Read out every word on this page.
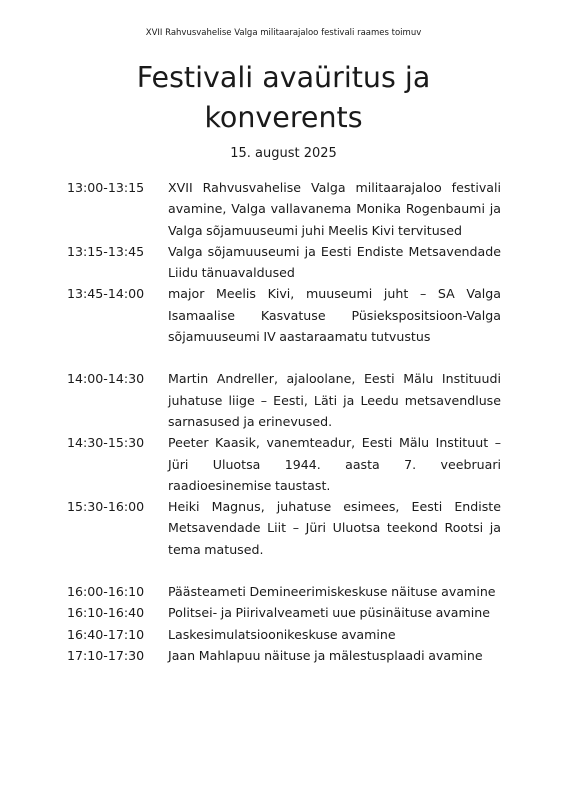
XVII Rahvusvahelise Valga militaarajaloo festivali raames toimuv
Festivali avaüritus ja
konverents
15. august 2025
13:00-13:15	XVII Rahvusvahelise Valga militaarajaloo festivali avamine, Valga vallavanema Monika Rogenbaumi ja Valga sõjamuuseumi juhi Meelis Kivi tervitused
13:15-13:45	Valga sõjamuuseumi ja Eesti Endiste Metsavendade Liidu tänuavaldused
13:45-14:00	major Meelis Kivi, muuseumi juht – SA Valga Isamaalise Kasvatuse Püsiekspositsioon-Valga sõjamuuseumi IV aastaraamatu tutvustus
14:00-14:30	Martin Andreller, ajaloolane, Eesti Mälu Instituudi juhatuse liige – Eesti, Läti ja Leedu metsavendluse sarnasused ja erinevused.
14:30-15:30	Peeter Kaasik, vanemteadur, Eesti Mälu Instituut – Jüri Uluotsa 1944. aasta 7. veebruari raadioesinemise taustast.
15:30-16:00	Heiki Magnus, juhatuse esimees, Eesti Endiste Metsavendade Liit – Jüri Uluotsa teekond Rootsi ja tema matused.
16:00-16:10	Päästeameti Demineerimiskeskuse näituse avamine
16:10-16:40	Politsei- ja Piirivalveameti uue püsinäituse avamine
16:40-17:10	Laskesimulatsioonikeskuse avamine
17:10-17:30	Jaan Mahlapuu näituse ja mälestusplaadi avamine
